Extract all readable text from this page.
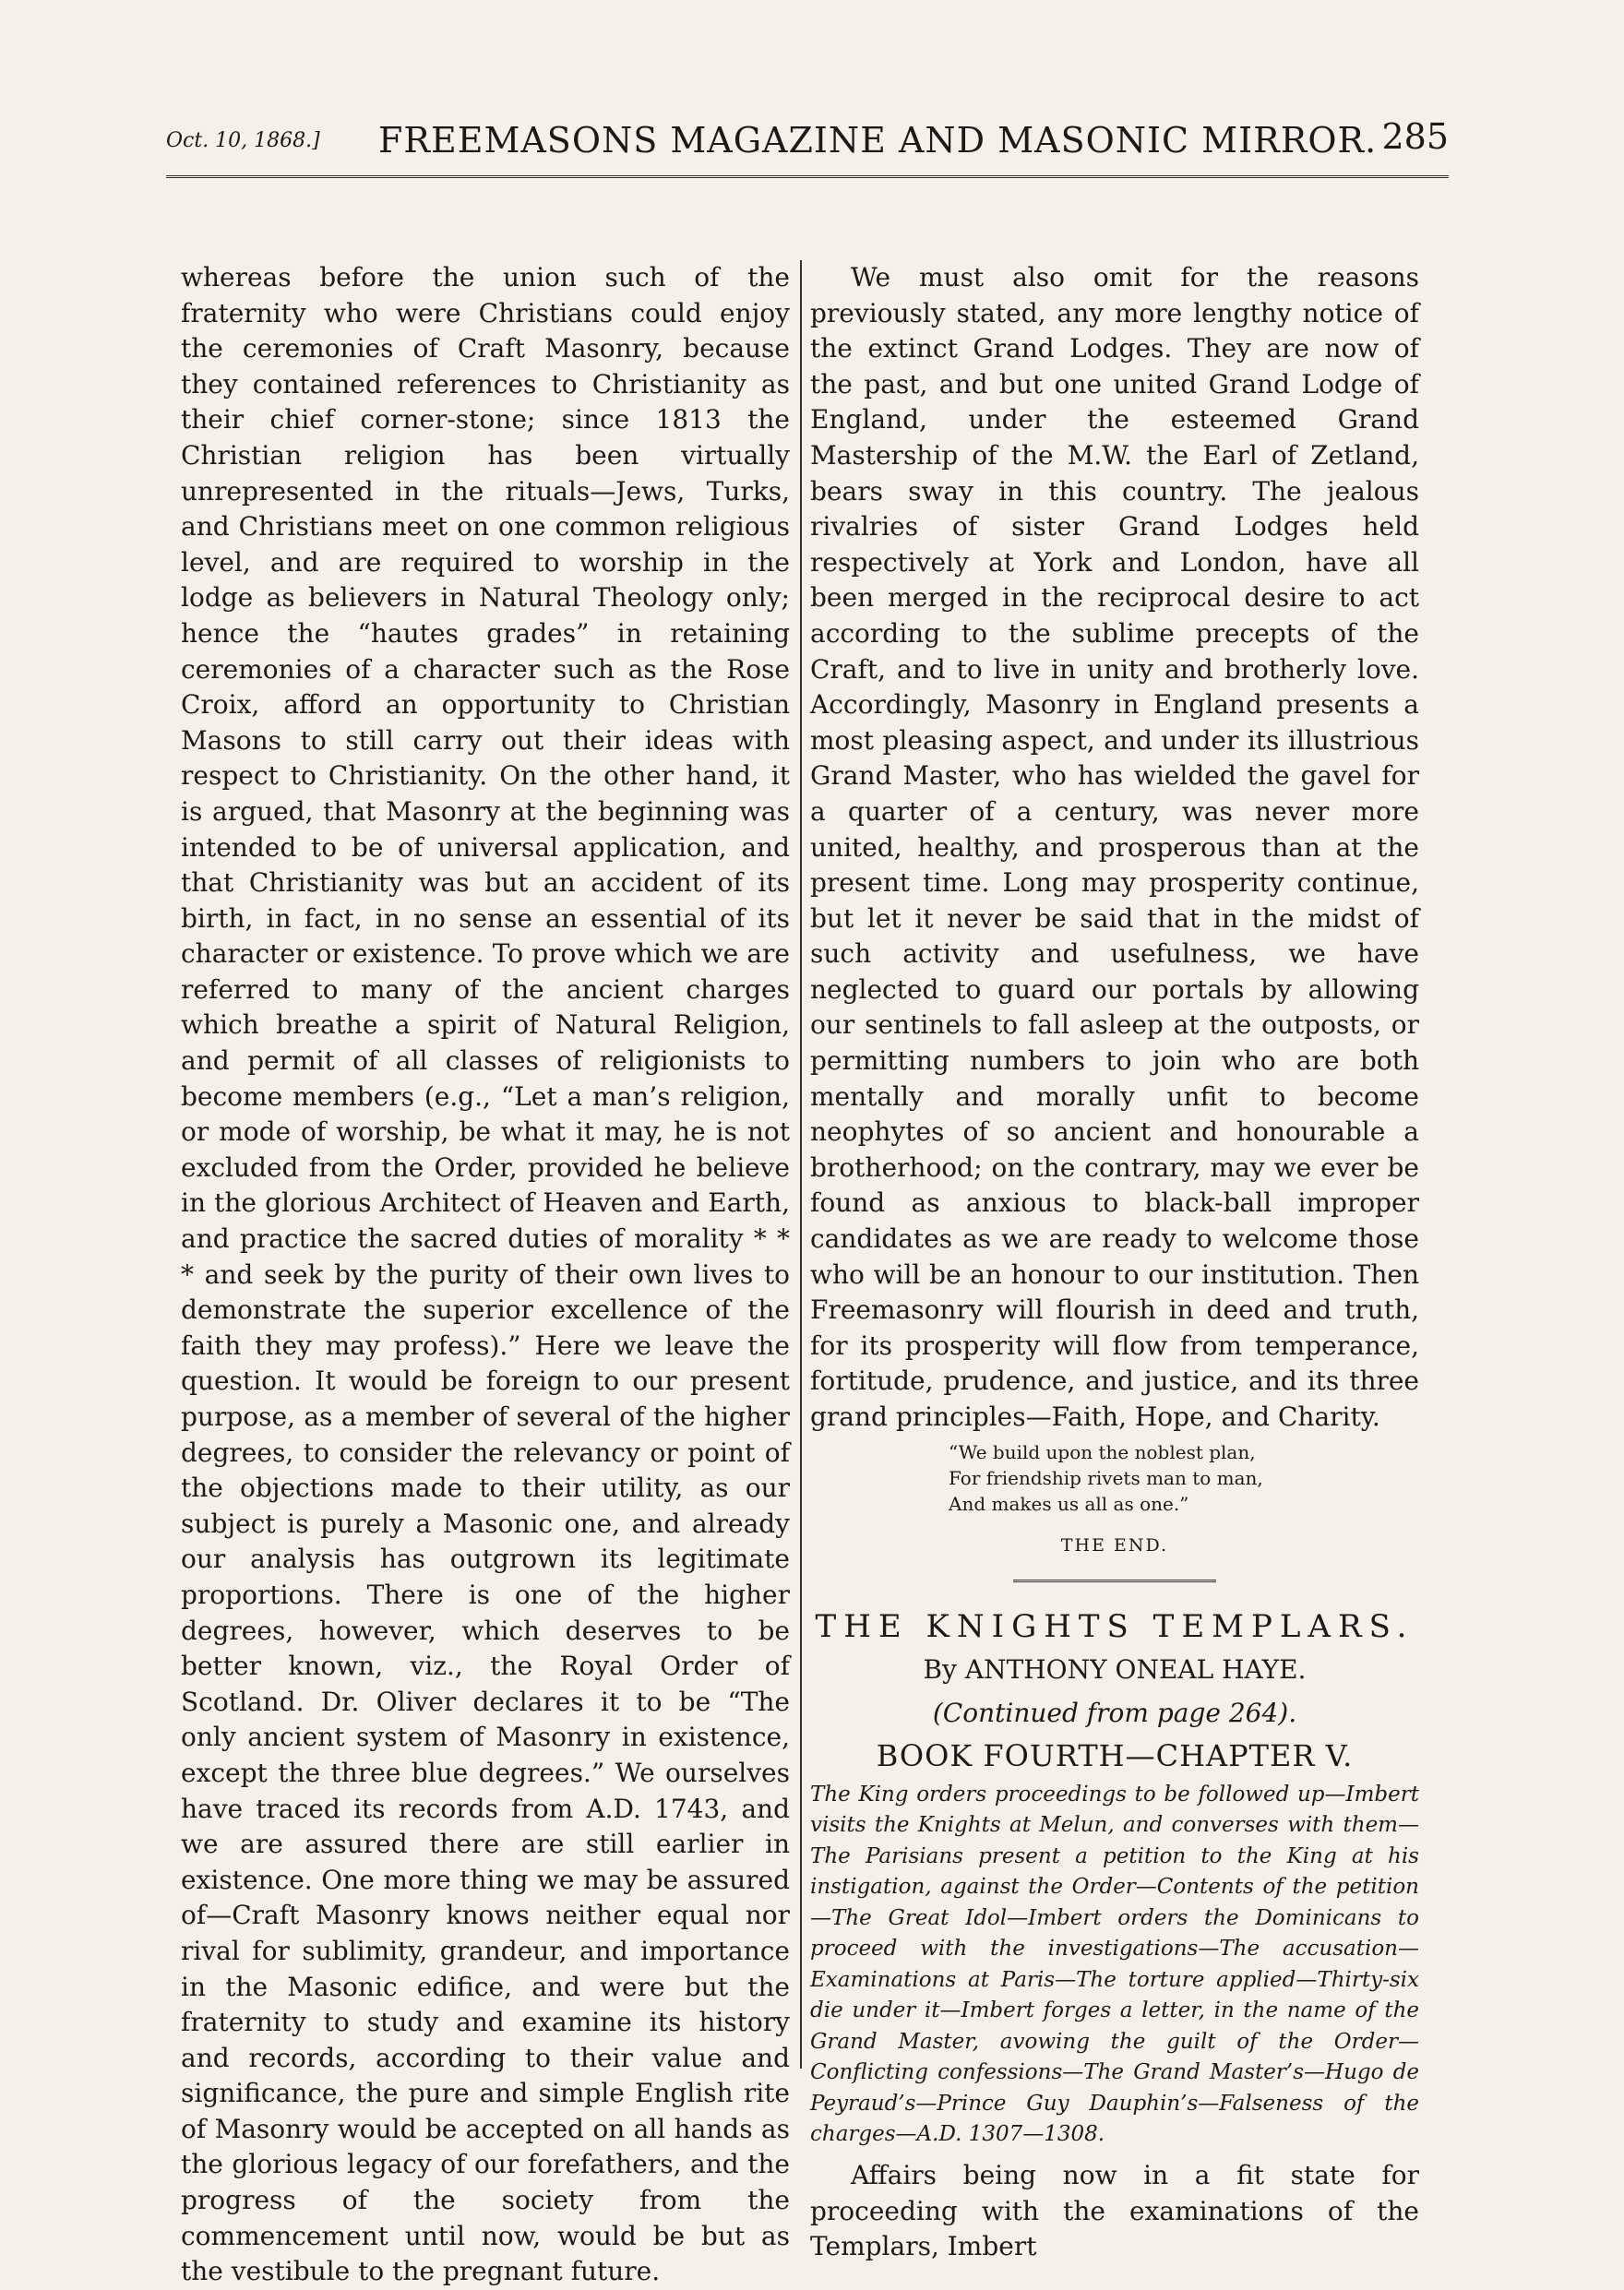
Oct. 10, 1868.] FREEMASONS MAGAZINE AND MASONIC MIRROR. 285

whereas before the union such of the fraternity who were Christians could enjoy the ceremonies of Craft Masonry, because they contained references to Christianity as their chief corner-stone; since 1813 the Christian religion has been virtually unrepresented in the rituals—Jews, Turks, and Christians meet on one common religious level, and are required to worship in the lodge as believers in Natural Theology only; hence the “hautes grades” in retaining ceremonies of a character such as the Rose Croix, afford an opportunity to Christian Masons to still carry out their ideas with respect to Christianity. On the other hand, it is argued, that Masonry at the beginning was intended to be of universal application, and that Christianity was but an accident of its birth, in fact, in no sense an essential of its character or existence. To prove which we are referred to many of the ancient charges which breathe a spirit of Natural Religion, and permit of all classes of religionists to become members (e.g., “Let a man’s religion, or mode of worship, be what it may, he is not excluded from the Order, provided he believe in the glorious Architect of Heaven and Earth, and practice the sacred duties of morality * * * and seek by the purity of their own lives to demonstrate the superior excellence of the faith they may profess).” Here we leave the question. It would be foreign to our present purpose, as a member of several of the higher degrees, to consider the relevancy or point of the objections made to their utility, as our subject is purely a Masonic one, and already our analysis has outgrown its legitimate proportions. There is one of the higher degrees, however, which deserves to be better known, viz., the Royal Order of Scotland. Dr. Oliver declares it to be “The only ancient system of Masonry in existence, except the three blue degrees.” We ourselves have traced its records from A.D. 1743, and we are assured there are still earlier in existence. One more thing we may be assured of—Craft Masonry knows neither equal nor rival for sublimity, grandeur, and importance in the Masonic edifice, and were but the fraternity to study and examine its history and records, according to their value and significance, the pure and simple English rite of Masonry would be accepted on all hands as the glorious legacy of our forefathers, and the progress of the society from the commencement until now, would be but as the vestibule to the pregnant future.

We must also omit for the reasons previously stated, any more lengthy notice of the extinct Grand Lodges. They are now of the past, and but one united Grand Lodge of England, under the esteemed Grand Mastership of the M.W. the Earl of Zetland, bears sway in this country. The jealous rivalries of sister Grand Lodges held respectively at York and London, have all been merged in the reciprocal desire to act according to the sublime precepts of the Craft, and to live in unity and brotherly love. Accordingly, Masonry in England presents a most pleasing aspect, and under its illustrious Grand Master, who has wielded the gavel for a quarter of a century, was never more united, healthy, and prosperous than at the present time. Long may prosperity continue, but let it never be said that in the midst of such activity and usefulness, we have neglected to guard our portals by allowing our sentinels to fall asleep at the outposts, or permitting numbers to join who are both mentally and morally unfit to become neophytes of so ancient and honourable a brotherhood; on the contrary, may we ever be found as anxious to black-ball improper candidates as we are ready to welcome those who will be an honour to our institution. Then Freemasonry will flourish in deed and truth, for its prosperity will flow from temperance, fortitude, prudence, and justice, and its three grand principles—Faith, Hope, and Charity.

“We build upon the noblest plan,
For friendship rivets man to man,
And makes us all as one.”
THE END.
THE KNIGHTS TEMPLARS.
By ANTHONY ONEAL HAYE.
(Continued from page 264).
BOOK FOURTH—CHAPTER V.

The King orders proceedings to be followed up—Imbert visits the Knights at Melun, and converses with them—The Parisians present a petition to the King at his instigation, against the Order—Contents of the petition—The Great Idol—Imbert orders the Dominicans to proceed with the investigations—The accusation—Examinations at Paris—The torture applied—Thirty-six die under it—Imbert forges a letter, in the name of the Grand Master, avowing the guilt of the Order—Conflicting confessions—The Grand Master’s—Hugo de Peyraud’s—Prince Guy Dauphin’s—Falseness of the charges—A.D. 1307—1308.

Affairs being now in a fit state for proceeding with the examinations of the Templars, Imbert
